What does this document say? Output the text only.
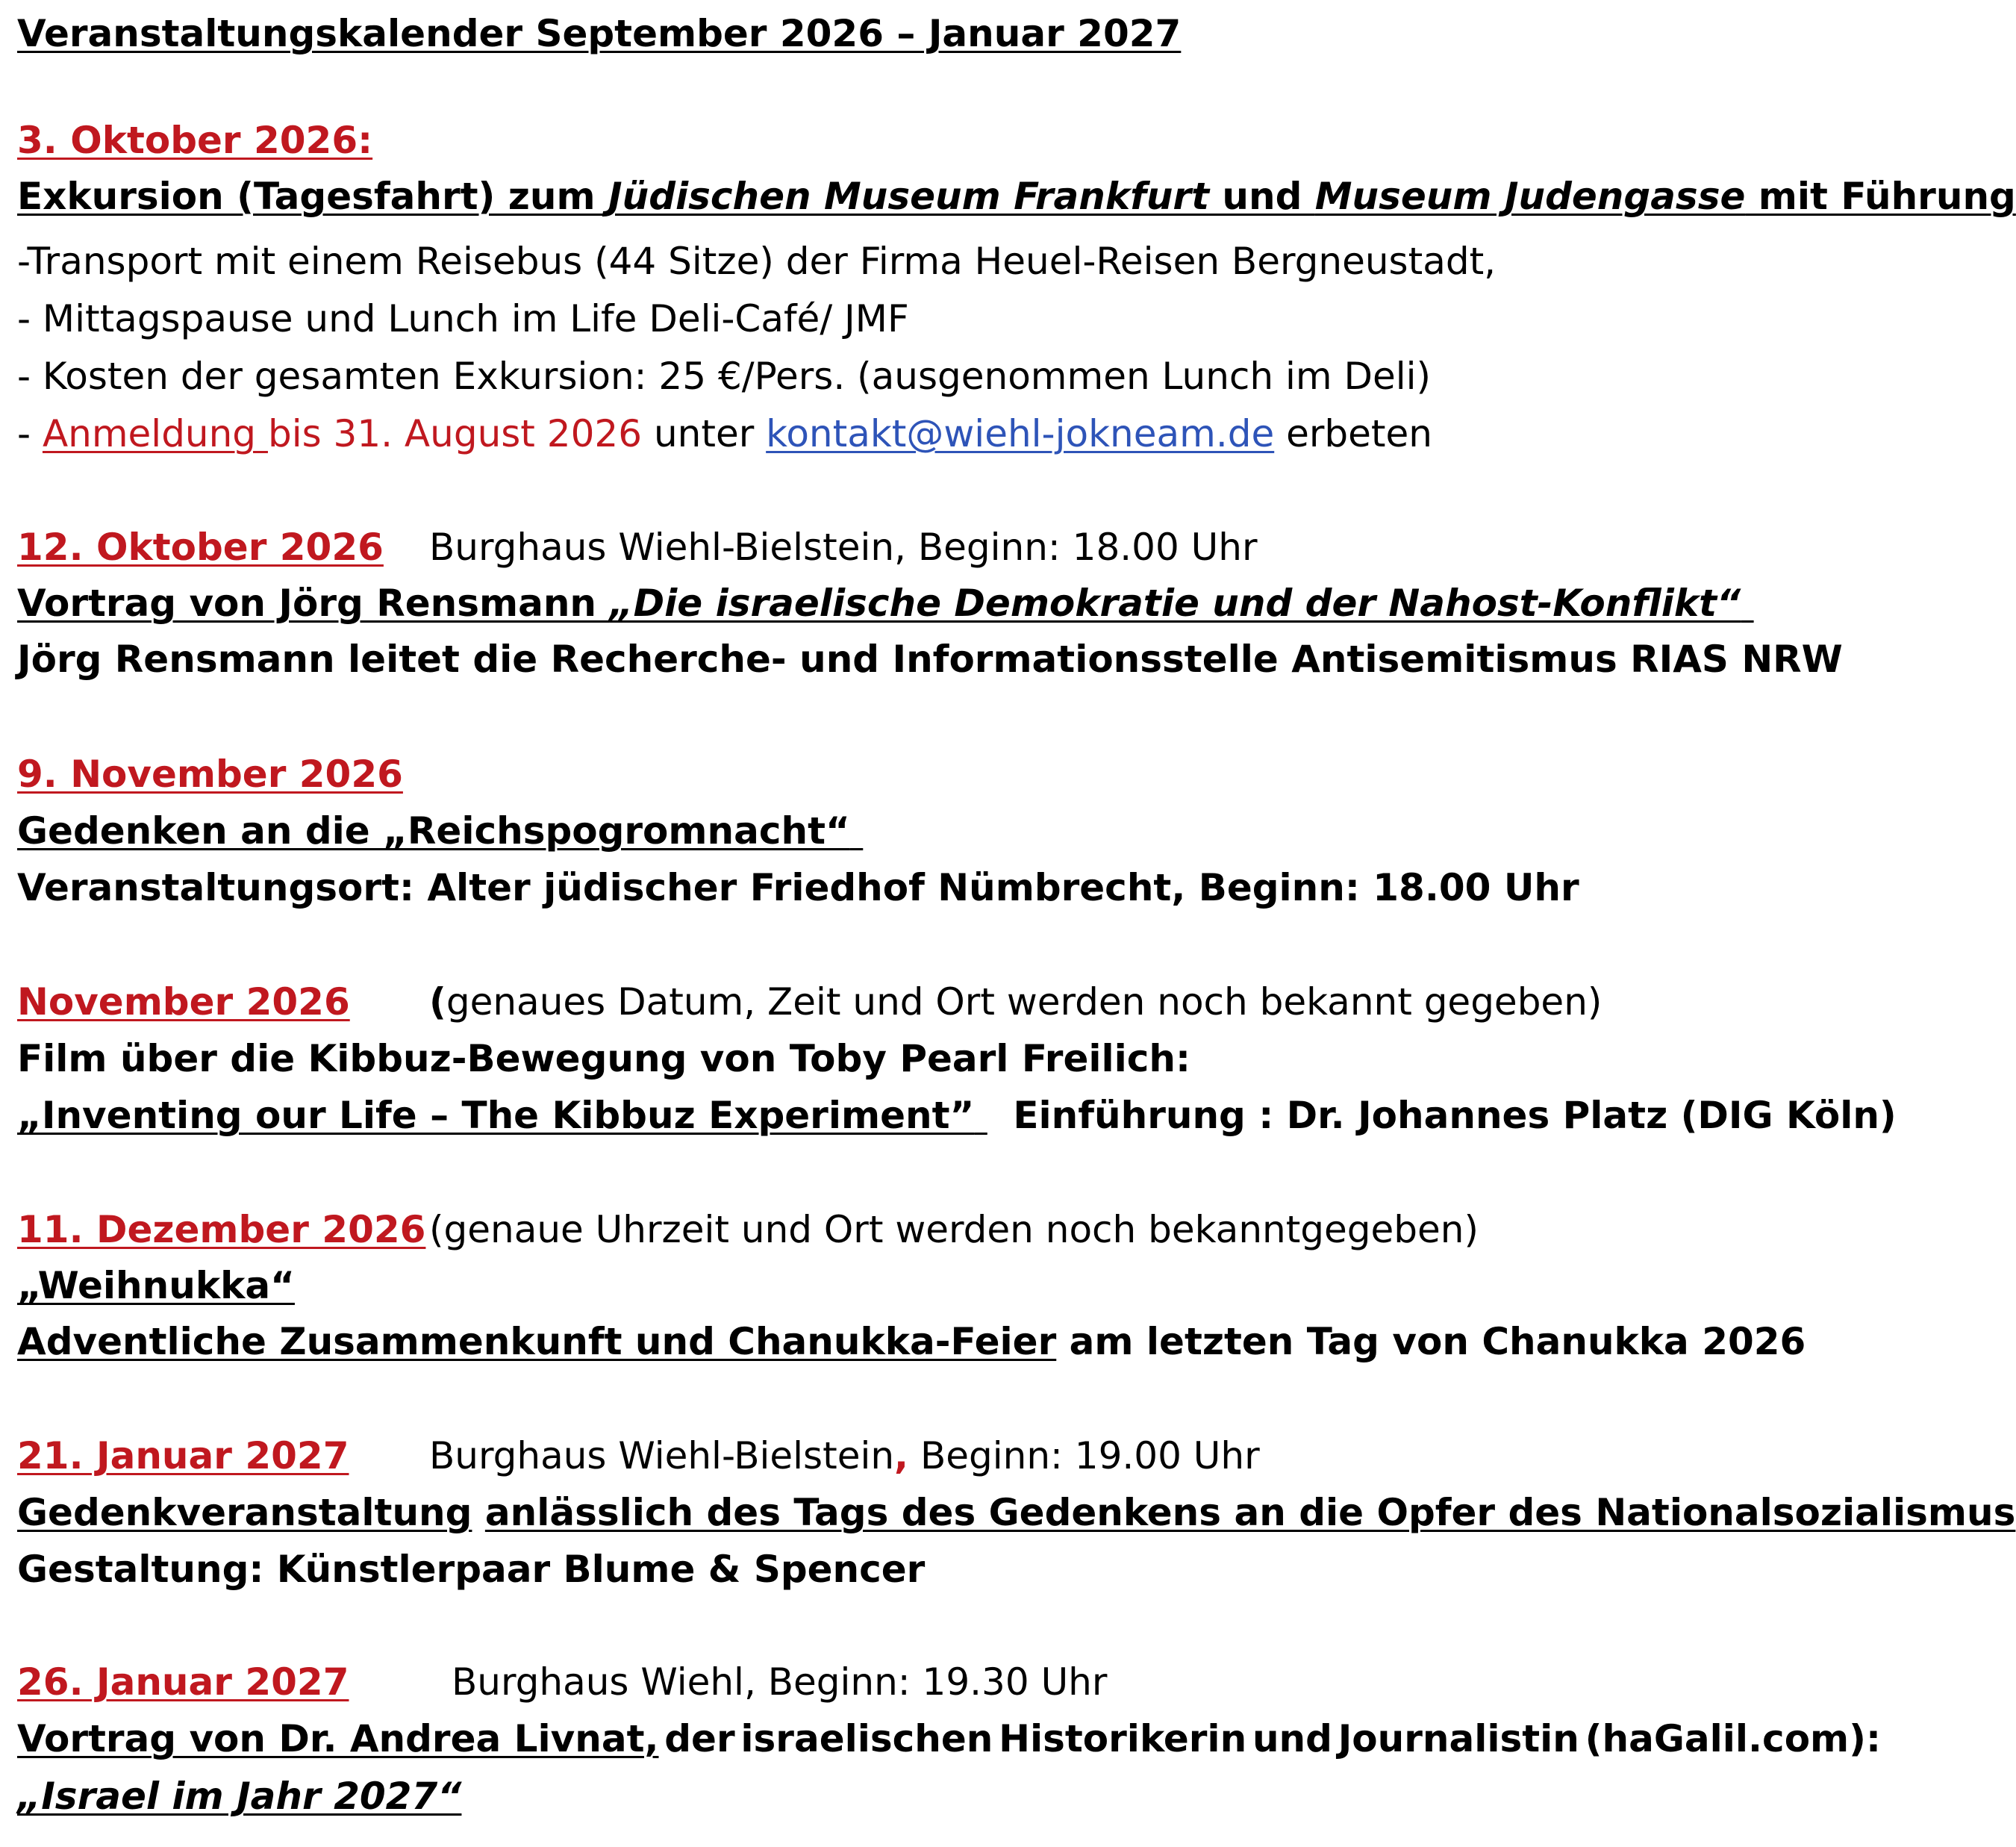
Veranstaltungskalender September 2026 – Januar 2027
3. Oktober 2026:
Exkursion (Tagesfahrt) zum Jüdischen Museum Frankfurt und Museum Judengasse mit Führung
-Transport mit einem Reisebus (44 Sitze) der Firma Heuel-Reisen Bergneustadt,
- Mittagspause und Lunch im Life Deli-Café/ JMF
- Kosten der gesamten Exkursion: 25 €/Pers. (ausgenommen Lunch im Deli)
- Anmeldung bis 31. August 2026 unter kontakt@wiehl-jokneam.de erbeten
12. Oktober 2026 Burghaus Wiehl-Bielstein, Beginn: 18.00 Uhr
Vortrag von Jörg Rensmann „Die israelische Demokratie und der Nahost-Konflikt“
Jörg Rensmann leitet die Recherche- und Informationsstelle Antisemitismus RIAS NRW
9. November 2026
Gedenken an die „Reichspogromnacht“
Veranstaltungsort: Alter jüdischer Friedhof Nümbrecht, Beginn: 18.00 Uhr
November 2026 (genaues Datum, Zeit und Ort werden noch bekannt gegeben)
Film über die Kibbuz-Bewegung von Toby Pearl Freilich:
„Inventing our Life – The Kibbuz Experiment” Einführung : Dr. Johannes Platz (DIG Köln)
11. Dezember 2026 (genaue Uhrzeit und Ort werden noch bekanntgegeben)
„Weihnukka“
Adventliche Zusammenkunft und Chanukka-Feier am letzten Tag von Chanukka 2026
21. Januar 2027 Burghaus Wiehl-Bielstein, Beginn: 19.00 Uhr
Gedenkveranstaltung anlässlich des Tags des Gedenkens an die Opfer des Nationalsozialismus
Gestaltung: Künstlerpaar Blume & Spencer
26. Januar 2027	Burghaus Wiehl, Beginn: 19.30 Uhr
Vortrag von Dr. Andrea Livnat, der israelischen Historikerin und Journalistin (haGalil.com):
„Israel im Jahr 2027“
